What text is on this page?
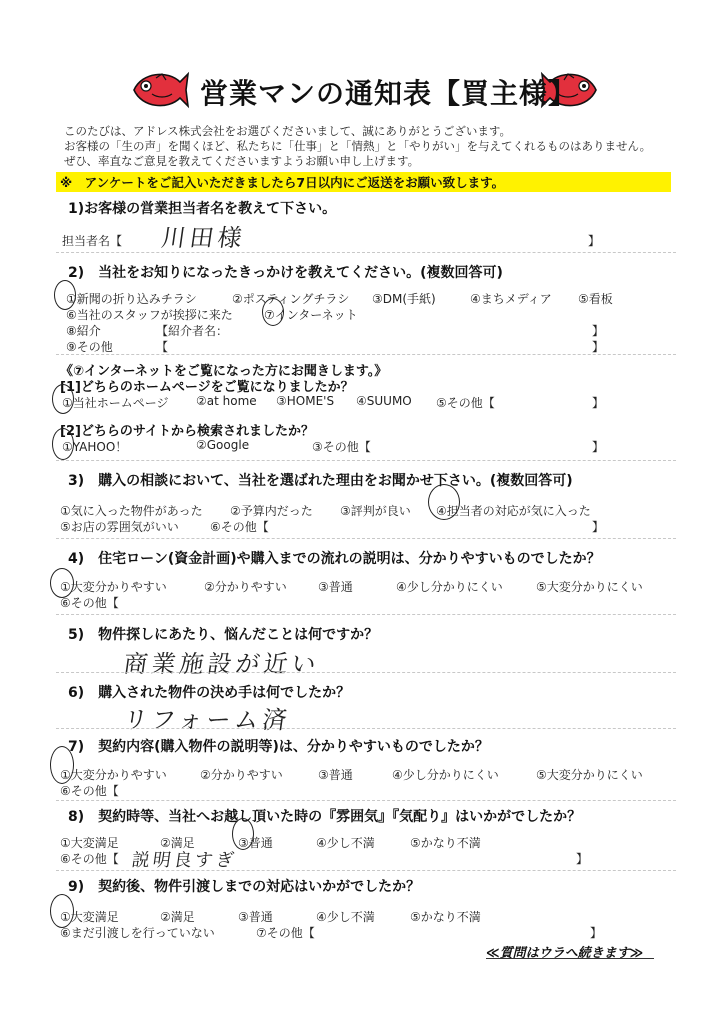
営業マンの通知表【買主様】
このたびは、アドレス株式会社をお選びくださいまして、誠にありがとうございます。
お客様の「生の声」を聞くほど、私たちに「仕事」と「情熱」と「やりがい」を与えてくれるものはありません。
ぜひ、率直なご意見を教えてくださいますようお願い申し上げます。
※　アンケートをご記入いただきましたら7日以内にご返送をお願い致します。
1)お客様の営業担当者名を教えて下さい。
担当者名【 川田様	】
2)　当社をお知りになったきっかけを教えてください。(複数回答可)
①新聞の折り込みチラシ	②ポスティングチラシ ③DM(手紙)	④まちメディア ⑤看板
⑥当社のスタッフが挨拶に来た	⑦インターネット
⑧紹介	【紹介者名：	】
⑨その他	【	】
《⑦インターネットをご覧になった方にお聞きします。》
[1]どちらのホームページをご覧になりましたか？
①当社ホームページ ②at home ③HOME'S ④SUUMO ⑤その他【	】
[2]どちらのサイトから検索されましたか？
①YAHOO！	②Google	③その他【	】
3)　購入の相談において、当社を選ばれた理由をお聞かせ下さい。(複数回答可)
①気に入った物件があった ②予算内だった ③評判が良い ④担当者の対応が気に入った
⑤お店の雰囲気がいい	⑥その他【	】
4)　住宅ローン(資金計画)や購入までの流れの説明は、分かりやすいものでしたか？
①大変分かりやすい	②分かりやすい	③普通	④少し分かりにくい	⑤大変分かりにくい
⑥その他【
5)　物件探しにあたり、悩んだことは何ですか？
商業施設が近い
6)　購入された物件の決め手は何でしたか？
リフォーム済
7)　契約内容(購入物件の説明等)は、分かりやすいものでしたか？
①大変分かりやすい	②分かりやすい	③普通	④少し分かりにくい	⑤大変分かりにくい
⑥その他【
8)　契約時等、当社へお越し頂いた時の『雰囲気』『気配り』はいかがでしたか？
①大変満足	②満足	③普通	④少し不満	⑤かなり不満
⑥その他【 説明良すぎ	】
9)　契約後、物件引渡しまでの対応はいかがでしたか？
①大変満足	②満足	③普通	④少し不満	⑤かなり不満
⑥まだ引渡しを行っていない	⑦その他【	】
≪質問はウラへ続きます≫
